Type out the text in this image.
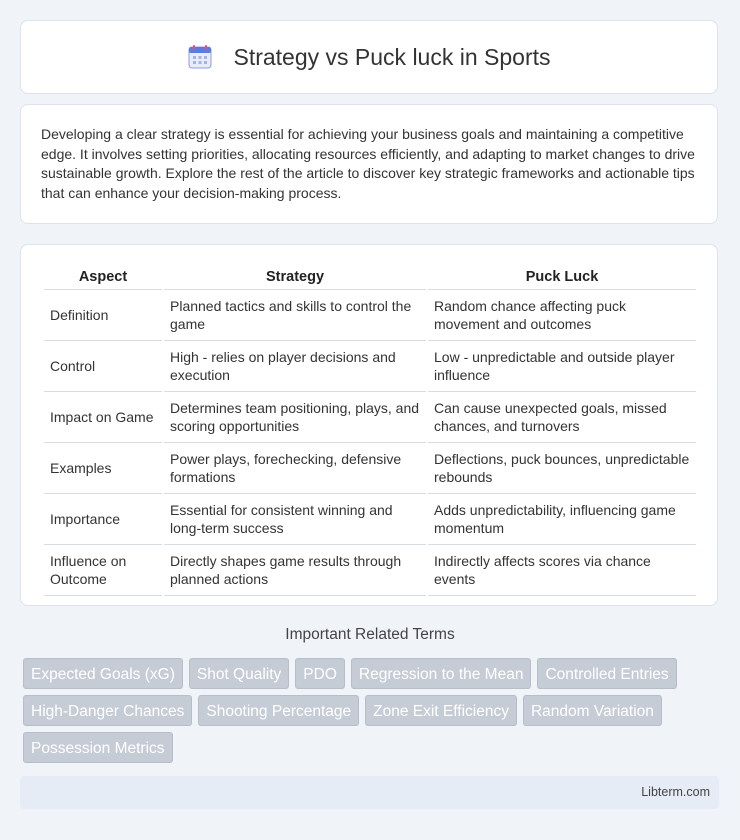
Strategy vs Puck luck in Sports

Developing a clear strategy is essential for achieving your business goals and maintaining a competitive edge. It involves setting priorities, allocating resources efficiently, and adapting to market changes to drive sustainable growth. Explore the rest of the article to discover key strategic frameworks and actionable tips that can enhance your decision-making process.

Aspect	Strategy	Puck Luck
Definition	Planned tactics and skills to control the game	Random chance affecting puck movement and outcomes
Control	High - relies on player decisions and execution	Low - unpredictable and outside player influence
Impact on Game	Determines team positioning, plays, and scoring opportunities	Can cause unexpected goals, missed chances, and turnovers
Examples	Power plays, forechecking, defensive formations	Deflections, puck bounces, unpredictable rebounds
Importance	Essential for consistent winning and long-term success	Adds unpredictability, influencing game momentum
Influence on Outcome	Directly shapes game results through planned actions	Indirectly affects scores via chance events
Important Related Terms
Expected Goals (xG)	Shot Quality	PDO	Regression to the Mean	Controlled Entries
High-Danger Chances	Shooting Percentage	Zone Exit Efficiency	Random Variation
Possession Metrics
Libterm.com
